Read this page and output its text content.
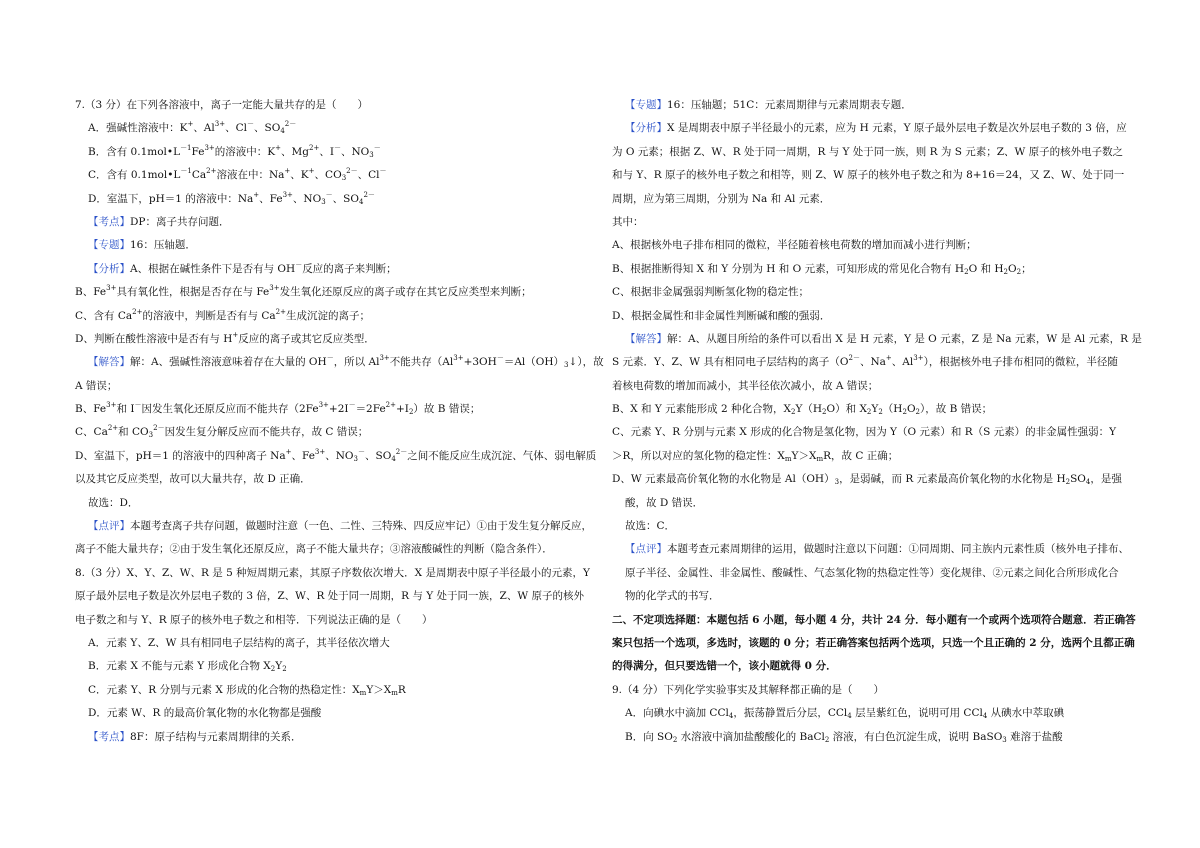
7.（3 分）在下列各溶液中，离子一定能大量共存的是（　　）
A．强碱性溶液中：K+、$Al^{3+}$、Cl－、$SO_4^{2-}$
B．含有 $0.1mol•L^{-1}Fe^{3+}$的溶液中：K+、$Mg^{2+}$、I－、$NO_3^-$
C．含有 $0.1mol•L^{-1}Ca^{2+}$溶液在中：Na+、K+、$CO_3^{2-}$、Cl－
D．室温下，pH＝1 的溶液中：Na+、$Fe^{3+}$、$NO_3^-$、$SO_4^{2-}$
【考点】DP：离子共存问题．
【专题】16：压轴题．
【分析】A、根据在碱性条件下是否有与 OH－反应的离子来判断；
B、$Fe^{3+}$具有氧化性，根据是否存在与 $Fe^{3+}$发生氧化还原反应的离子或存在其它反应类型来判断；
C、含有 $Ca^{2+}$的溶液中，判断是否有与 $Ca^{2+}$生成沉淀的离子；
D、判断在酸性溶液中是否有与 H+反应的离子或其它反应类型．
【解答】解：A、强碱性溶液意味着存在大量的 OH－，所以 $Al^{3+}$不能共存$(Al^{3+}+3OH^-=Al(OH)_3↓)$，故
A 错误；
B、$Fe^{3+}$和 I－因发生氧化还原反应而不能共存$(2Fe^{3+}+2I^-=2Fe^{2+}+I_2)$故 B 错误；
C、$Ca^{2+}$和 $CO_3^{2-}$因发生复分解反应而不能共存，故 C 错误；
D、室温下，pH＝1 的溶液中的四种离子 Na+、$Fe^{3+}$、$NO_3^-$、$SO_4^{2-}$之间不能反应生成沉淀、气体、弱电解质
以及其它反应类型，故可以大量共存，故 D 正确．
故选：D．
【点评】本题考查离子共存问题，做题时注意（一色、二性、三特殊、四反应牢记）①由于发生复分解反应，
离子不能大量共存；②由于发生氧化还原反应，离子不能大量共存；③溶液酸碱性的判断（隐含条件）．
8.（3 分）X、Y、Z、W、R 是 5 种短周期元素，其原子序数依次增大．X 是周期表中原子半径最小的元素，Y
原子最外层电子数是次外层电子数的 3 倍，Z、W、R 处于同一周期，R 与 Y 处于同一族，Z、W 原子的核外
电子数之和与 Y、R 原子的核外电子数之和相等．下列说法正确的是（　　）
A．元素 Y、Z、W 具有相同电子层结构的离子，其半径依次增大
B．元素 X 不能与元素 Y 形成化合物 $X_2Y_2$
C．元素 Y、R 分别与元素 X 形成的化合物的热稳定性：$X_mY>X_mR$
D．元素 W、R 的最高价氧化物的水化物都是强酸
【考点】8F：原子结构与元素周期律的关系．
【专题】16：压轴题；51C：元素周期律与元素周期表专题．
【分析】X 是周期表中原子半径最小的元素，应为 H 元素，Y 原子最外层电子数是次外层电子数的 3 倍，应
为 O 元素；根据 Z、W、R 处于同一周期，R 与 Y 处于同一族，则 R 为 S 元素；Z、W 原子的核外电子数之
和与 Y、R 原子的核外电子数之和相等，则 Z、W 原子的核外电子数之和为 8+16＝24，又 Z、W、处于同一
周期，应为第三周期，分别为 Na 和 Al 元素．
其中：
A、根据核外电子排布相同的微粒，半径随着核电荷数的增加而减小进行判断；
B、根据推断得知 X 和 Y 分别为 H 和 O 元素，可知形成的常见化合物有 $H_2O$ 和 $H_2O_2$；
C、根据非金属强弱判断氢化物的稳定性；
D、根据金属性和非金属性判断碱和酸的强弱．
【解答】解：A、从题目所给的条件可以看出 X 是 H 元素，Y 是 O 元素，Z 是 Na 元素，W 是 Al 元素，R 是
S 元素．Y、Z、W 具有相同电子层结构的离子（$O^{2-}$、Na+、$Al^{3+}$），根据核外电子排布相同的微粒，半径随
着核电荷数的增加而减小，其半径依次减小，故 A 错误；
B、X 和 Y 元素能形成 2 种化合物，$X_2Y(H_2O)$和 $X_2Y_2(H_2O_2)$，故 B 错误；
C、元素 Y、R 分别与元素 X 形成的化合物是氢化物，因为 Y（O 元素）和 R（S 元素）的非金属性强弱：Y
＞R，所以对应的氢化物的稳定性：$X_mY>X_mR$，故 C 正确；
D、W 元素最高价氧化物的水化物是 $Al(OH)_3$，是弱碱，而 R 元素最高价氧化物的水化物是 $H_2SO_4$，是强
酸，故 D 错误．
故选：C．
【点评】本题考查元素周期律的运用，做题时注意以下问题：①同周期、同主族内元素性质（核外电子排布、
原子半径、金属性、非金属性、酸碱性、气态氢化物的热稳定性等）变化规律、②元素之间化合所形成化合
物的化学式的书写．
二、不定项选择题：本题包括 6 小题，每小题 4 分，共计 24 分．每小题有一个或两个选项符合题意．若正确答
案只包括一个选项，多选时，该题的 0 分；若正确答案包括两个选项，只选一个且正确的 2 分，选两个且都正确
的得满分，但只要选错一个，该小题就得 0 分．
9.（4 分）下列化学实验事实及其解释都正确的是（　　）
A．向碘水中滴加 CCl$_4$，振荡静置后分层，CCl$_4$ 层呈紫红色，说明可用 CCl$_4$ 从碘水中萃取碘
B．向 $SO_2$ 水溶液中滴加盐酸酸化的 BaCl$_2$ 溶液，有白色沉淀生成，说明 BaSO$_3$ 难溶于盐酸
